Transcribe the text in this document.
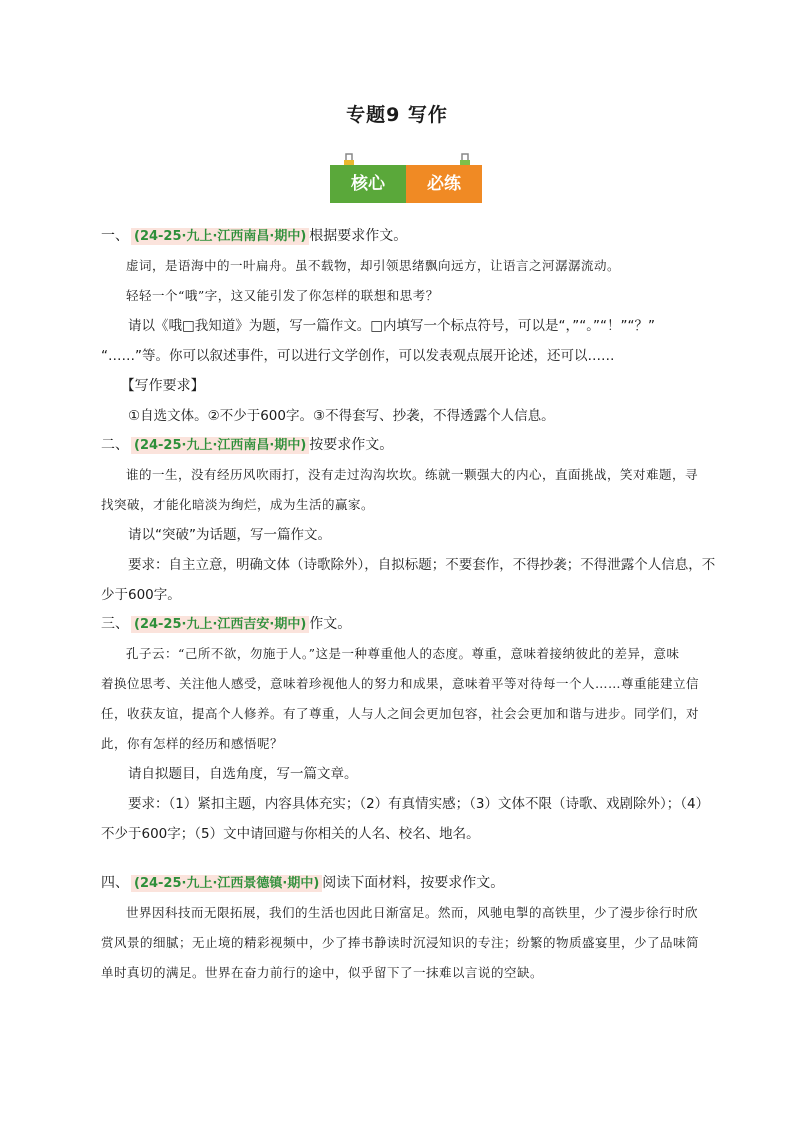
专题9 写作
核心	必练

一、 (24-25·九上·江西南昌·期中) 根据要求作文。

虚词，是语海中的一叶扁舟。虽不载物，却引领思绪飘向远方，让语言之河潺潺流动。

轻轻一个“哦”字，这又能引发了你怎样的联想和思考？

请以《哦□我知道》为题，写一篇作文。□内填写一个标点符号，可以是“，”“。”“！”“？”

“……”等。你可以叙述事件，可以进行文学创作，可以发表观点展开论述，还可以……

【写作要求】

①自选文体。②不少于600字。③不得套写、抄袭，不得透露个人信息。

二、 (24-25·九上·江西南昌·期中) 按要求作文。

谁的一生，没有经历风吹雨打，没有走过沟沟坎坎。练就一颗强大的内心，直面挑战，笑对难题，寻

找突破，才能化暗淡为绚烂，成为生活的赢家。

请以“突破”为话题，写一篇作文。

要求：自主立意，明确文体（诗歌除外），自拟标题；不要套作，不得抄袭；不得泄露个人信息，不

少于600字。

三、 (24-25·九上·江西吉安·期中) 作文。

孔子云：“己所不欲，勿施于人。”这是一种尊重他人的态度。尊重，意味着接纳彼此的差异，意味

着换位思考、关注他人感受，意味着珍视他人的努力和成果，意味着平等对待每一个人……尊重能建立信

任，收获友谊，提高个人修养。有了尊重，人与人之间会更加包容，社会会更加和谐与进步。同学们，对

此，你有怎样的经历和感悟呢？

请自拟题目，自选角度，写一篇文章。

要求：（1）紧扣主题，内容具体充实；（2）有真情实感；（3）文体不限（诗歌、戏剧除外）；（4）

不少于600字；（5）文中请回避与你相关的人名、校名、地名。

四、 (24-25·九上·江西景德镇·期中) 阅读下面材料，按要求作文。

世界因科技而无限拓展，我们的生活也因此日渐富足。然而，风驰电掣的高铁里，少了漫步徐行时欣

赏风景的细腻；无止境的精彩视频中，少了捧书静读时沉浸知识的专注；纷繁的物质盛宴里，少了品味简

单时真切的满足。世界在奋力前行的途中，似乎留下了一抹难以言说的空缺。
